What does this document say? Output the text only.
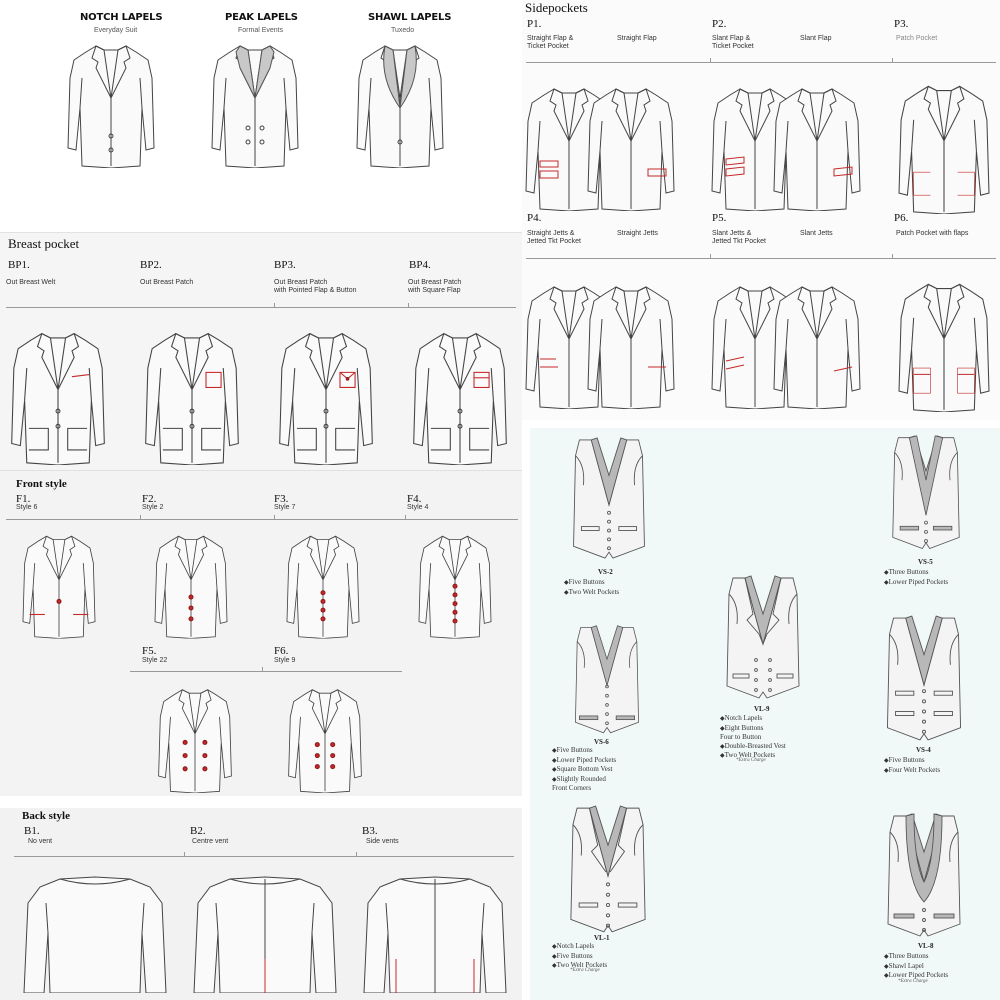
NOTCH LAPELS
Everyday Suit
PEAK LAPELS
Formal Events
SHAWL LAPELS
Tuxedo
Breast pocket
BP1.
Out Breast Welt
BP2.
Out Breast Patch
BP3.
Out Breast Patch
with Pointed Flap & Button
BP4.
Out Breast Patch
with Square Flap
Front style
F1.
Style 6
F2.
Style 2
F3.
Style 7
F4.
Style 4
F5.
Style 22
F6.
Style 9
Back style
B1.
No vent
B2.
Centre vent
B3.
Side vents
Sidepockets
P1.
Straight Flap &
Ticket Pocket
Straight Flap
P2.
Slant Flap &
Ticket Pocket
Slant Flap
P3.
Patch Pocket
P4.
Straight Jetts &
Jetted Tkt Pocket
Straight Jetts
P5.
Slant Jetts &
Jetted Tkt Pocket
Slant Jetts
P6.
Patch Pocket with flaps
VS-2
◆ Five Buttons
◆ Two Welt Pockets
VS-5
◆ Three Buttons
◆ Lower Piped Pockets
VL-9
◆ Notch Lapels
◆ Eight Buttons
Four to Button
◆ Double-Breasted Vest
◆ Two Welt Pockets
*Extra Charge
VS-6
◆ Five Buttons
◆ Lower Piped Pockets
◆ Square Bottom Vest
◆ Slightly Rounded
Front Corners
VS-4
◆ Five Buttons
◆ Four Welt Pockets
VL-1
◆ Notch Lapels
◆ Five Buttons
◆ Two Welt Pockets
*Extra Charge
VL-8
◆ Three Buttons
◆ Shawl Lapel
◆ Lower Piped Pockets
*Extra Charge
